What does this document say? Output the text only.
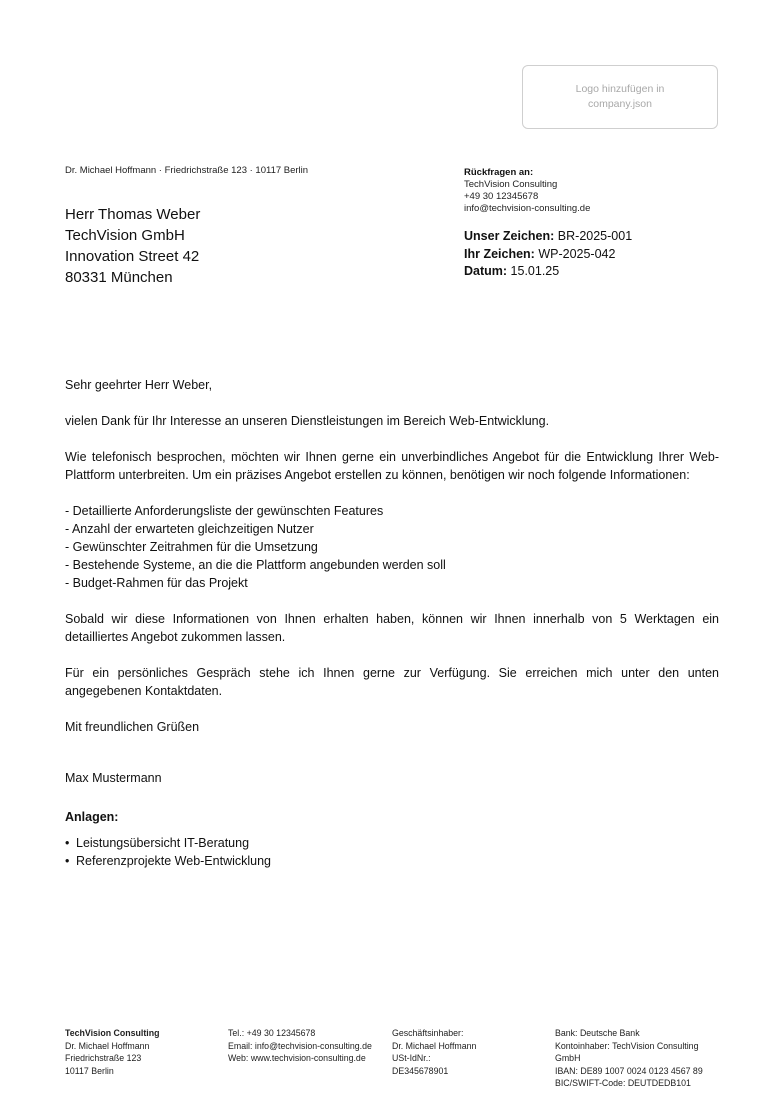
Logo hinzufügen in company.json
Dr. Michael Hoffmann · Friedrichstraße 123 · 10117 Berlin
Herr Thomas Weber
TechVision GmbH
Innovation Street 42
80331 München
Rückfragen an:
TechVision Consulting
+49 30 12345678
info@techvision-consulting.de
Unser Zeichen: BR-2025-001
Ihr Zeichen: WP-2025-042
Datum: 15.01.25

Sehr geehrter Herr Weber,

vielen Dank für Ihr Interesse an unseren Dienstleistungen im Bereich Web-Entwicklung.

Wie telefonisch besprochen, möchten wir Ihnen gerne ein unverbindliches Angebot für die Entwicklung Ihrer Web-Plattform unterbreiten. Um ein präzises Angebot erstellen zu können, benötigen wir noch folgende Informationen:

- Detaillierte Anforderungsliste der gewünschten Features
- Anzahl der erwarteten gleichzeitigen Nutzer
- Gewünschter Zeitrahmen für die Umsetzung
- Bestehende Systeme, an die die Plattform angebunden werden soll
- Budget-Rahmen für das Projekt

Sobald wir diese Informationen von Ihnen erhalten haben, können wir Ihnen innerhalb von 5 Werktagen ein detailliertes Angebot zukommen lassen.

Für ein persönliches Gespräch stehe ich Ihnen gerne zur Verfügung. Sie erreichen mich unter den unten angegebenen Kontaktdaten.

Mit freundlichen Grüßen
Max Mustermann
Anlagen:
• Leistungsübersicht IT-Beratung
• Referenzprojekte Web-Entwicklung
TechVision Consulting
Dr. Michael Hoffmann
Friedrichstraße 123
10117 Berlin
Tel.: +49 30 12345678
Email: info@techvision-consulting.de
Web: www.techvision-consulting.de
Geschäftsinhaber:
Dr. Michael Hoffmann
USt-IdNr.:
DE345678901
Bank: Deutsche Bank
Kontoinhaber: TechVision Consulting GmbH
IBAN: DE89 1007 0024 0123 4567 89
BIC/SWIFT-Code: DEUTDEDB101
